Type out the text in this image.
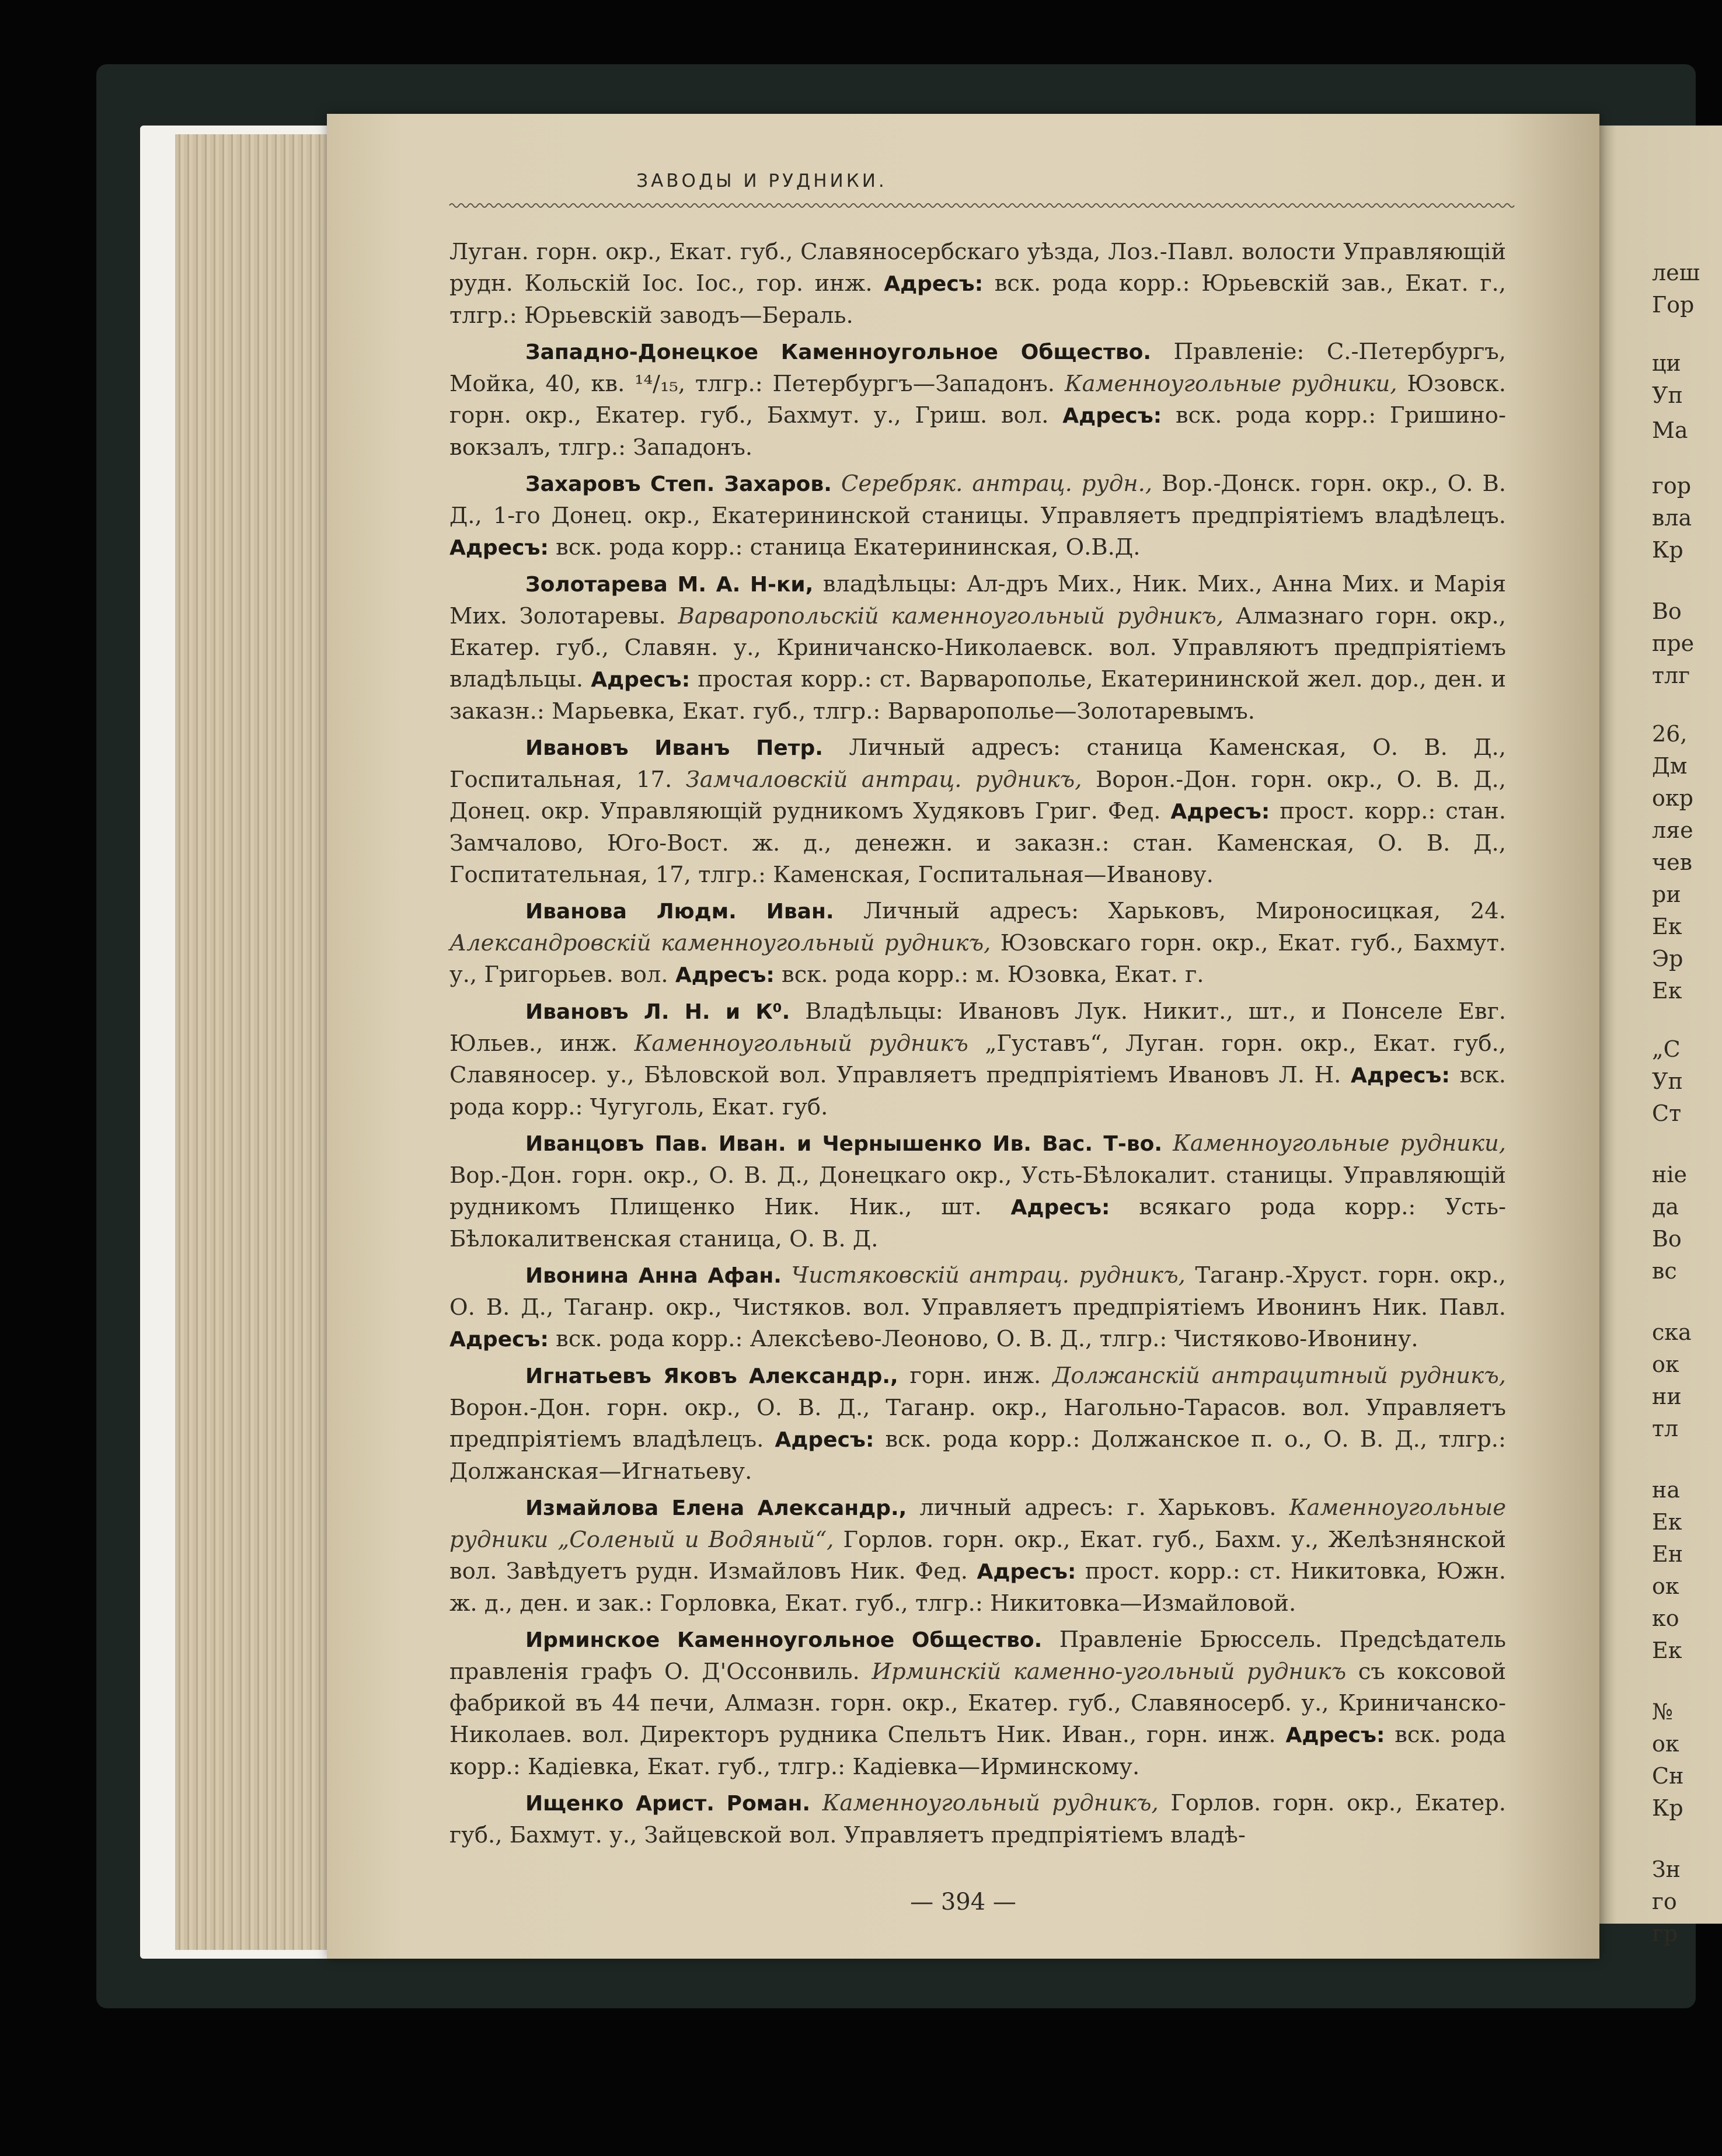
леш
Гор
ци
Уп
Ма
гор
вла
Кр
Во
пре
тлг
26,
Дм
окр
ляе
чев
ри
Ек
Эр
Ек
„С
Уп
Ст
ніе
да
Во
вс
ска
ок
ни
тл
на
Ек
Ен
ок
ко
Ек
№
ок
Сн
Кр
Зн
го
гр
ЗАВОДЫ И РУДНИКИ.

Луган. горн. окр., Екат. губ., Славяносербскаго уѣзда, Лоз.-Павл. волости Управляющій рудн. Кольскій Іос. Іос., гор. инж. Адресъ: вск. рода корр.: Юрьевскій зав., Екат. г., тлгр.: Юрьевскій заводъ—Бераль.

Западно-Донецкое Каменноугольное Общество. Правленіе: С.-Петербургъ, Мойка, 40, кв. ¹⁴/₁₅, тлгр.: Петербургъ—Западонъ. Каменноугольные рудники, Юзовск. горн. окр., Екатер. губ., Бахмут. у., Гриш. вол. Адресъ: вск. рода корр.: Гришино-вокзалъ, тлгр.: Западонъ.

Захаровъ Степ. Захаров. Серебряк. антрац. рудн., Вор.-Донск. горн. окр., О. В. Д., 1-го Донец. окр., Екатерининской станицы. Управляетъ предпріятіемъ владѣлецъ. Адресъ: вск. рода корр.: станица Екатерининская, О.В.Д.

Золотарева М. А. Н-ки, владѣльцы: Ал-дръ Мих., Ник. Мих., Анна Мих. и Марія Мих. Золотаревы. Варваропольскій каменноугольный рудникъ, Алмазнаго горн. окр., Екатер. губ., Славян. у., Криничанско-Николаевск. вол. Управляютъ предпріятіемъ владѣльцы. Адресъ: простая корр.: ст. Варварополье, Екатерининской жел. дор., ден. и заказн.: Марьевка, Екат. губ., тлгр.: Варварополье—Золотаревымъ.

Ивановъ Иванъ Петр. Личный адресъ: станица Каменская, О. В. Д., Госпитальная, 17. Замчаловскій антрац. рудникъ, Ворон.-Дон. горн. окр., О. В. Д., Донец. окр. Управляющій рудникомъ Худяковъ Григ. Фед. Адресъ: прост. корр.: стан. Замчалово, Юго-Вост. ж. д., денежн. и заказн.: стан. Каменская, О. В. Д., Госпитательная, 17, тлгр.: Каменская, Госпитальная—Иванову.

Иванова Людм. Иван. Личный адресъ: Харьковъ, Мироносицкая, 24. Александровскій каменноугольный рудникъ, Юзовскаго горн. окр., Екат. губ., Бахмут. у., Григорьев. вол. Адресъ: вск. рода корр.: м. Юзовка, Екат. г.

Ивановъ Л. Н. и К⁰. Владѣльцы: Ивановъ Лук. Никит., шт., и Понселе Евг. Юльев., инж. Каменноугольный рудникъ „Густавъ“, Луган. горн. окр., Екат. губ., Славяносер. у., Бѣловской вол. Управляетъ предпріятіемъ Ивановъ Л. Н. Адресъ: вск. рода корр.: Чугуголь, Екат. губ.

Иванцовъ Пав. Иван. и Чернышенко Ив. Вас. Т-во. Каменноугольные рудники, Вор.-Дон. горн. окр., О. В. Д., Донецкаго окр., Усть-Бѣлокалит. станицы. Управляющій рудникомъ Плищенко Ник. Ник., шт. Адресъ: всякаго рода корр.: Усть-Бѣлокалитвенская станица, О. В. Д.

Ивонина Анна Афан. Чистяковскій антрац. рудникъ, Таганр.-Хруст. горн. окр., О. В. Д., Таганр. окр., Чистяков. вол. Управляетъ предпріятіемъ Ивонинъ Ник. Павл. Адресъ: вск. рода корр.: Алексѣево-Леоново, О. В. Д., тлгр.: Чистяково-Ивонину.

Игнатьевъ Яковъ Александр., горн. инж. Должанскій антрацитный рудникъ, Ворон.-Дон. горн. окр., О. В. Д., Таганр. окр., Нагольно-Тарасов. вол. Управляетъ предпріятіемъ владѣлецъ. Адресъ: вск. рода корр.: Должанское п. о., О. В. Д., тлгр.: Должанская—Игнатьеву.

Измайлова Елена Александр., личный адресъ: г. Харьковъ. Каменноугольные рудники „Соленый и Водяный“, Горлов. горн. окр., Екат. губ., Бахм. у., Желѣзнянской вол. Завѣдуетъ рудн. Измайловъ Ник. Фед. Адресъ: прост. корр.: ст. Никитовка, Южн. ж. д., ден. и зак.: Горловка, Екат. губ., тлгр.: Никитовка—Измайловой.

Ирминское Каменноугольное Общество. Правленіе Брюссель. Предсѣдатель правленія графъ О. Д'Оссонвиль. Ирминскій каменно-угольный рудникъ съ коксовой фабрикой въ 44 печи, Алмазн. горн. окр., Екатер. губ., Славяносерб. у., Криничанско-Николаев. вол. Директоръ рудника Спельтъ Ник. Иван., горн. инж. Адресъ: вск. рода корр.: Кадіевка, Екат. губ., тлгр.: Кадіевка—Ирминскому.

Ищенко Арист. Роман. Каменноугольный рудникъ, Горлов. горн. окр., Екатер. губ., Бахмут. у., Зайцевской вол. Управляетъ предпріятіемъ владѣ-

— 394 —
